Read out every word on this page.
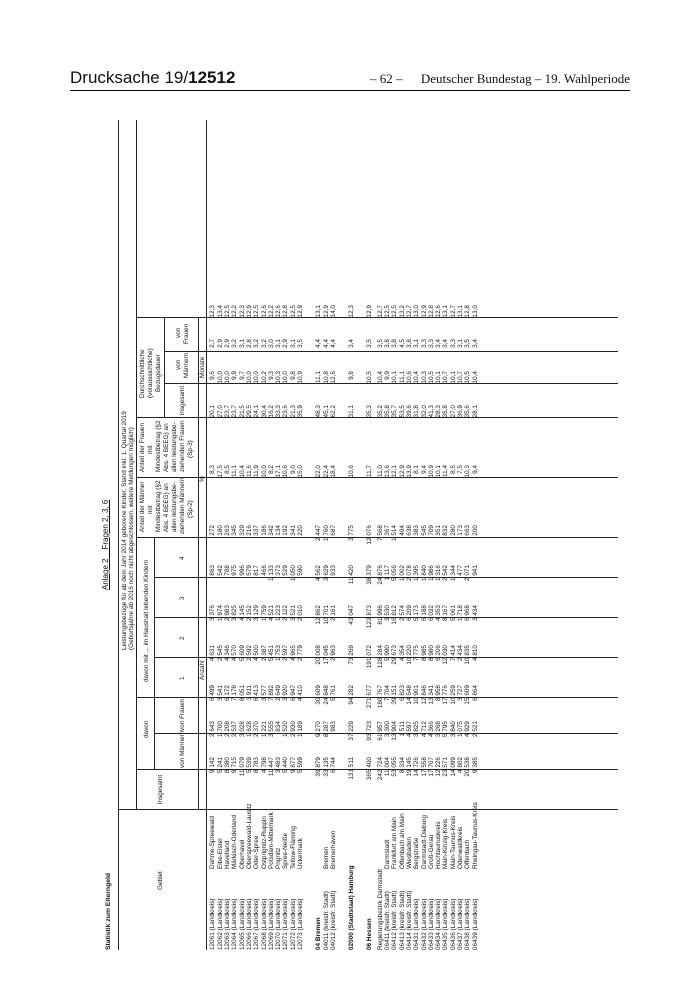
Drucksache 19/12512	– 62 – Deutscher Bundestag – 19. Wahlperiode
Anlage 2    Fragen 2, 3, 6
Statistik zum Elterngeld	Gebiet
Leistungsbezüge für ab dem Jahr 2014 geborene Kinder, Stand inkl. 1. Quartal 2019 (Geburtsjahre ab 2016 noch nicht abgeschlossen, weitere Meldungen möglich)
insgesamt
davon
von Männern
von Frauen
davon mit ... im Haushalt lebenden Kindern	1
2
3
4
Anteil der Männer mit Mindestbetrag (§2 Abs. 4 BEEG) an allen leistungsbe- ziehenden Männern (Sp-2)
Anteil der Frauen mit Mindestbetrag (§2 Abs. 4 BEEG) an allen leistungsbe- ziehenden Frauen (Sp-3)
Durchschnittliche (voraussichtliche) Bezugsdauer
insgesamt
von Männern
von Frauen
Anzahl
%
Monate
12061 (Landkreis)	Dahme-Spreewald	9 142	2 643	6 499	4 631	3 376	863	272	8,3	20,1	9,6	2,7	12,3
12062 (Landkreis)	Elbe-Elster	5 241	1 700	3 541	2 545	1 974	542	180	17,5	27,0	10,0	2,9	13,4
12063 (Landkreis)	Havelland	8 380	2 208	6 172	4 346	2 983	788	263	8,5	23,7	10,0	2,9	12,5
12064 (Landkreis)	Märkisch-Oderland	9 715	2 537	7 178	4 570	3 825	975	345	11,1	23,7	9,9	3,2	12,2
12065 (Landkreis)	Oberhavel	11 079	3 028	8 051	5 609	4 145	996	329	10,4	21,5	9,7	3,1	12,3
12066 (Landkreis)	Oberspreewald-Lausitz	5 539	1 628	3 911	2 592	2 152	579	216	11,6	29,5	10,0	2,8	12,9
12067 (Landkreis)	Oder-Spree	8 783	2 370	6 413	4 500	3 129	817	337	11,9	24,1	10,0	3,2	12,5
12068 (Landkreis)	Ostprignitz-Ruppin	4 798	1 221	3 577	2 387	1 759	466	186	10,0	30,4	10,2	3,2	12,6
12069 (Landkreis)	Potsdam-Mittelmark	11 447	3 555	7 892	5 451	4 521	1 133	342	8,2	16,2	9,3	3,0	12,2
12070 (Landkreis)	Prignitz	3 483	834	2 649	1 753	1 223	373	134	17,1	33,3	10,3	3,1	12,6
12071 (Landkreis)	Spree-Neiße	5 440	1 520	3 920	2 597	2 122	529	192	10,6	23,6	10,0	2,9	12,8
12072 (Landkreis)	Teltow-Fläming	9 877	2 930	6 947	4 965	3 521	1 050	341	9,0	21,3	9,8	3,1	12,5
12073 (Landkreis)	Uckermark	5 599	1 189	4 410	2 779	2 010	590	220	15,0	35,9	10,9	3,5	12,9

04 Bremen		39 879	9 270	30 609	20 008	12 862	4 562	2 447	22,0	48,3	11,1	4,4	13,1
04011 (kreisfr. Stadt)	Bremen	33 135	8 287	24 848	17 045	10 701	3 629	1 760	22,4	45,1	10,8	4,4	12,9
04012 (kreisfr. Stadt)	Bremerhaven	6 744	983	5 761	2 963	2 161	933	687	18,4	62,2	12,6	4,4	14,0

02000 (Stadtstaat) Hamburg		131 511	37 229	94 282	73 269	43 047	11 420	3 775	10,6	31,1	9,8	3,4	12,3

06 Hessen		365 400	93 723	271 677	191 072	123 873	38 379	12 076	11,7	35,3	10,5	3,5	12,9

Regierungsbezirk Darmstadt		242 724	61 957	180 767	128 284	81 996	24 876	7 568	11,0	35,2	10,4	3,5	12,7
06411 (kreisfr. Stadt)	Darmstadt	11 004	3 300	7 704	5 990	3 530	1 117	367	13,6	35,8	9,9	3,8	12,5
06412 (kreisfr. Stadt)	Frankfurt am Main	53 055	13 904	39 151	29 673	16 812	5 056	1 514	12,1	35,7	10,1	3,8	12,5
06413 (kreisfr. Stadt)	Offenbach am Main	8 334	1 511	6 823	4 354	2 574	1 002	404	12,9	53,5	11,1	4,5	13,2
06414 (kreisfr. Stadt)	Wiesbaden	19 145	4 597	14 548	10 220	6 209	2 078	638	13,9	39,6	10,6	3,8	12,7
06431 (Landkreis)	Bergstraße	14 726	3 825	10 901	7 775	5 173	1 395	383	8,1	31,8	10,4	3,1	13,0
06432 (Landkreis)	Darmstadt-Dieburg	17 558	4 712	12 846	8 985	6 188	1 840	545	9,4	32,0	10,3	3,3	12,9
06433 (Landkreis)	Groß-Gerau	17 707	4 366	13 341	8 980	6 032	1 986	709	10,9	41,3	10,5	3,3	12,8
06434 (Landkreis)	Hochtaunuskreis	12 226	3 268	8 958	6 206	4 353	1 316	351	10,1	28,3	10,1	3,4	12,6
06435 (Landkreis)	Main-Kinzig-Kreis	23 571	5 795	17 776	12 030	8 167	2 542	832	11,4	35,8	10,7	3,4	13,1
06436 (Landkreis)	Main-Taunus-Kreis	14 099	3 840	10 259	7 414	5 061	1 344	280	8,5	27,0	10,1	3,3	12,7
06437 (Landkreis)	Odenwaldkreis	4 802	1 075	3 727	2 434	1 718	477	173	7,5	36,9	10,7	3,1	13,1
06438 (Landkreis)	Offenbach	20 538	4 929	15 609	10 835	6 968	2 071	663	10,3	35,6	10,5	3,5	12,8
06439 (Landkreis)	Rheingau-Taunus-Kreis	9 385	2 521	6 864	4 810	3 434	941	200	9,4	28,1	10,4	3,4	13,0
